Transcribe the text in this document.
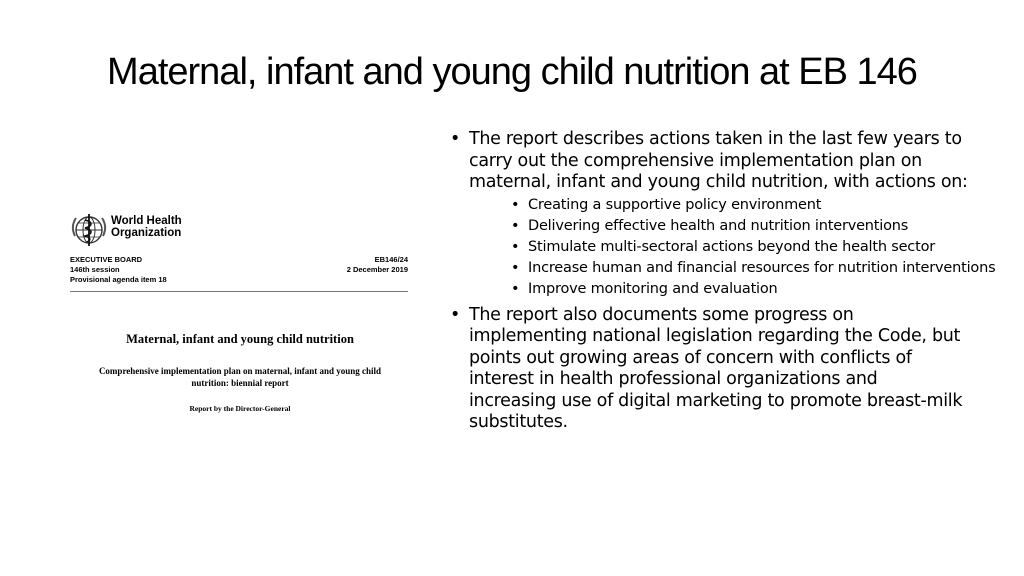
Maternal, infant and young child nutrition at EB 146
World Health
Organization
EXECUTIVE BOARD
146th session
Provisional agenda item 18
EB146/24
2 December 2019
Maternal, infant and young child nutrition
Comprehensive implementation plan on maternal, infant and young child nutrition: biennial report
Report by the Director-General
• The report describes actions taken in the last few years to carry out the comprehensive implementation plan on maternal, infant and young child nutrition, with actions on:
• Creating a supportive policy environment
• Delivering effective health and nutrition interventions
• Stimulate multi-sectoral actions beyond the health sector
• Increase human and financial resources for nutrition interventions
• Improve monitoring and evaluation
• The report also documents some progress on implementing national legislation regarding the Code, but points out growing areas of concern with conflicts of interest in health professional organizations and increasing use of digital marketing to promote breast-milk substitutes.
